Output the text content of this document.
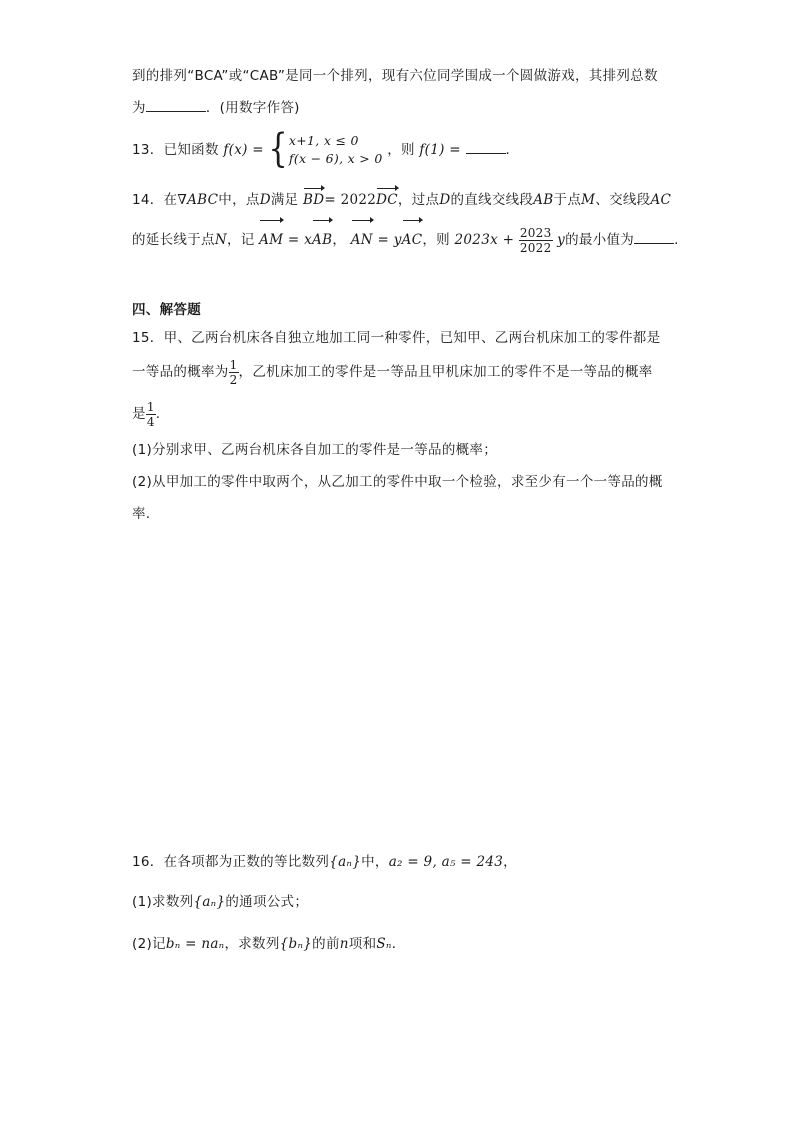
到的排列“BCA”或“CAB”是同一个排列，现有六位同学围成一个圆做游戏，其排列总数
为	．(用数字作答)
13．已知函数 f(x) = { x+1, x ≤ 0
f(x − 6), x > 0
，则 f(1) =	．
14．在∇ABC中，点D满足 BD= 2022DC，过点D的直线交线段AB于点M、交线段AC
的延长线于点N，记 AM = xAB， AN = yAC，则 $2023x + \frac{2023}{2022}$ y的最小值为	.
四、解答题
15．甲、乙两台机床各自独立地加工同一种零件，已知甲、乙两台机床加工的零件都是
一等品的概率为 $\frac{1}{2}$ ，乙机床加工的零件是一等品且甲机床加工的零件不是一等品的概率
是 $\frac{1}{4}$ .
(1)分别求甲、乙两台机床各自加工的零件是一等品的概率；
(2)从甲加工的零件中取两个，从乙加工的零件中取一个检验，求至少有一个一等品的概
率.
16．在各项都为正数的等比数列{aₙ}中，a₂ = 9, a₅ = 243，
(1)求数列{aₙ}的通项公式；
(2)记bₙ = naₙ，求数列{bₙ}的前n项和Sₙ．
